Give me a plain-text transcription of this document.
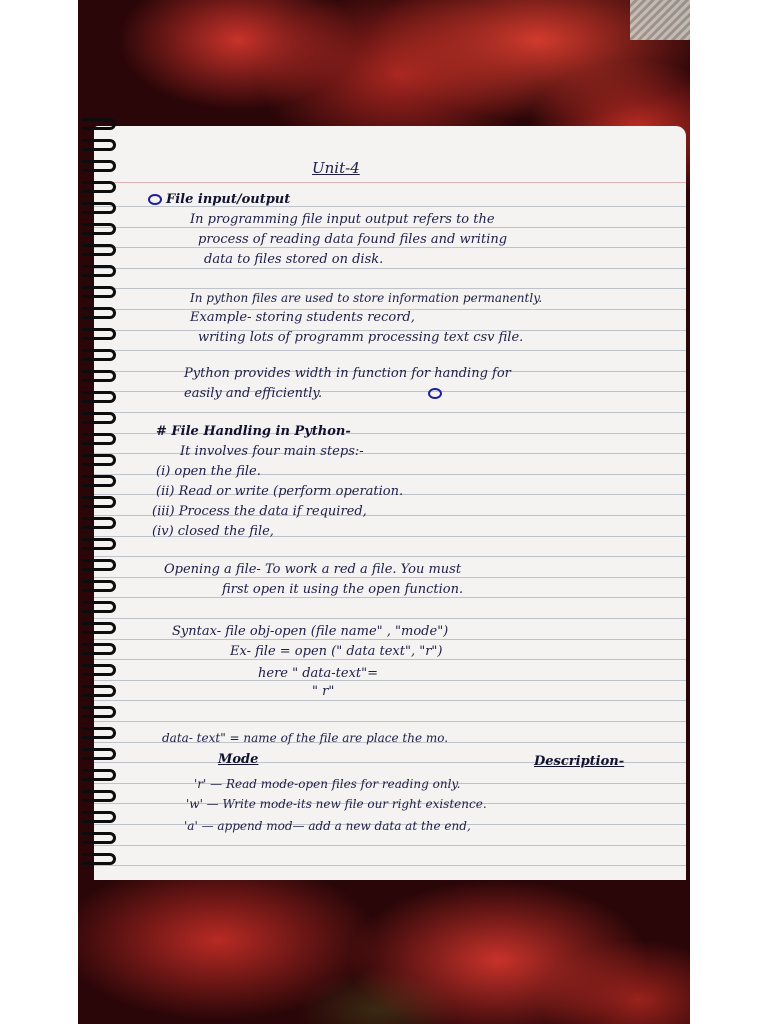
Unit-4
File input/output
In programming file input output refers to the
process of reading data found files and writing
data to files stored on disk.
In python files are used to store information permanently.
Example- storing students record,
writing lots of programm processing text csv file.
Python provides width in function for handing for
easily and efficiently.
# File Handling in Python-
It involves four main steps:-
(i) open the file.
(ii) Read or write (perform operation.
(iii) Process the data if required,
(iv) closed the file,
Opening a file- To work a red a file. You must
first open it using the open function.
Syntax- file obj-open (file name" , "mode")
Ex- file = open (" data text", "r")
here " data-text"=
" r"
data- text" = name of the file are place the mo.
Mode	Description-
'r' — Read mode-open files for reading only.
'w' — Write mode-its new file our right existence.
'a' — append mod— add a new data at the end,
